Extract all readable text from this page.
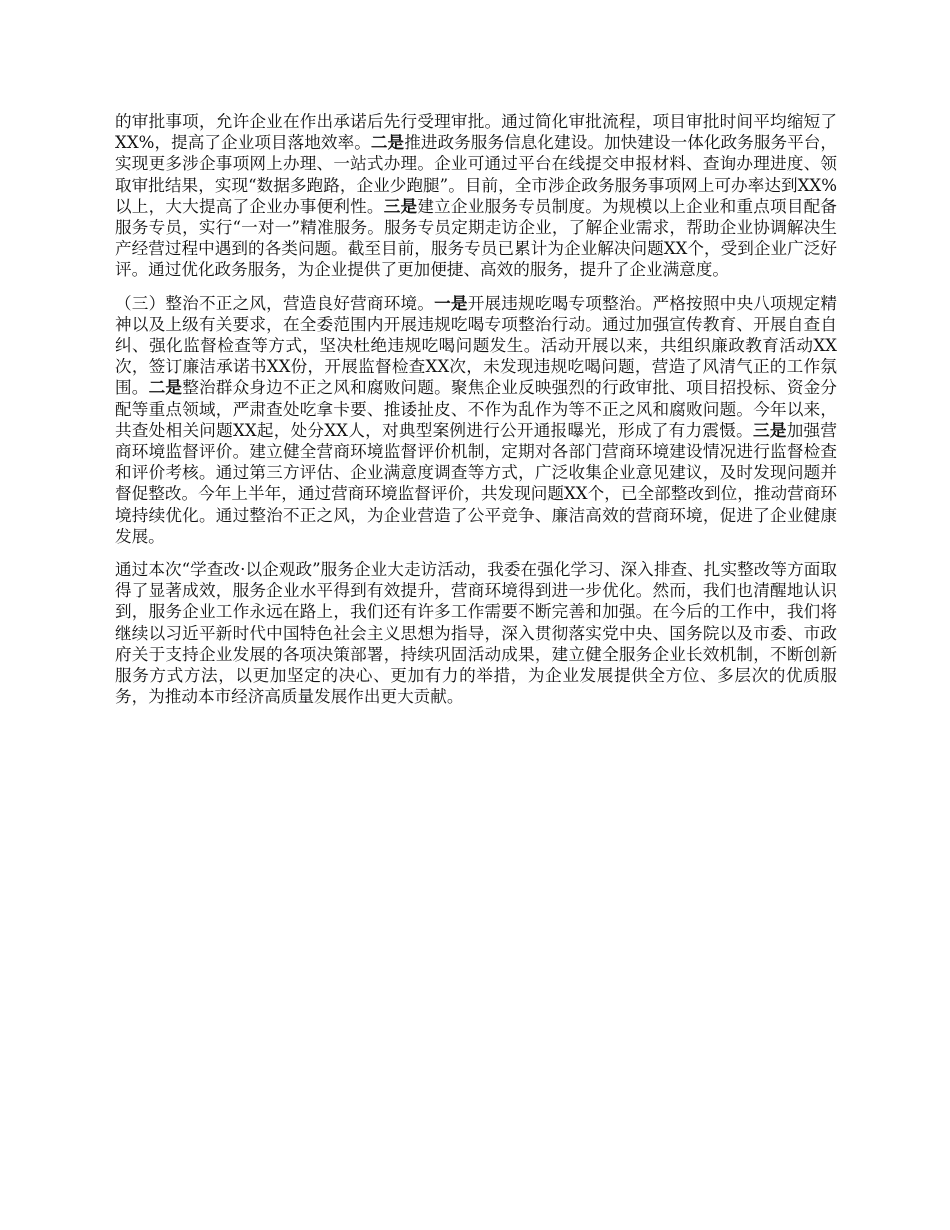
的审批事项，允许企业在作出承诺后先行受理审批。通过简化审批流程，项目审批时间平均缩短了XX%，提高了企业项目落地效率。二是推进政务服务信息化建设。加快建设一体化政务服务平台，实现更多涉企事项网上办理、一站式办理。企业可通过平台在线提交申报材料、查询办理进度、领取审批结果，实现“数据多跑路，企业少跑腿”。目前，全市涉企政务服务事项网上可办率达到XX%以上，大大提高了企业办事便利性。三是建立企业服务专员制度。为规模以上企业和重点项目配备服务专员，实行“一对一”精准服务。服务专员定期走访企业，了解企业需求，帮助企业协调解决生产经营过程中遇到的各类问题。截至目前，服务专员已累计为企业解决问题XX个，受到企业广泛好评。通过优化政务服务，为企业提供了更加便捷、高效的服务，提升了企业满意度。

（三）整治不正之风，营造良好营商环境。一是开展违规吃喝专项整治。严格按照中央八项规定精神以及上级有关要求，在全委范围内开展违规吃喝专项整治行动。通过加强宣传教育、开展自查自纠、强化监督检查等方式，坚决杜绝违规吃喝问题发生。活动开展以来，共组织廉政教育活动XX次，签订廉洁承诺书XX份，开展监督检查XX次，未发现违规吃喝问题，营造了风清气正的工作氛围。二是整治群众身边不正之风和腐败问题。聚焦企业反映强烈的行政审批、项目招投标、资金分配等重点领域，严肃查处吃拿卡要、推诿扯皮、不作为乱作为等不正之风和腐败问题。今年以来，共查处相关问题XX起，处分XX人，对典型案例进行公开通报曝光，形成了有力震慑。三是加强营商环境监督评价。建立健全营商环境监督评价机制，定期对各部门营商环境建设情况进行监督检查和评价考核。通过第三方评估、企业满意度调查等方式，广泛收集企业意见建议，及时发现问题并督促整改。今年上半年，通过营商环境监督评价，共发现问题XX个，已全部整改到位，推动营商环境持续优化。通过整治不正之风，为企业营造了公平竞争、廉洁高效的营商环境，促进了企业健康发展。

通过本次“学查改·以企观政”服务企业大走访活动，我委在强化学习、深入排查、扎实整改等方面取得了显著成效，服务企业水平得到有效提升，营商环境得到进一步优化。然而，我们也清醒地认识到，服务企业工作永远在路上，我们还有许多工作需要不断完善和加强。在今后的工作中，我们将继续以习近平新时代中国特色社会主义思想为指导，深入贯彻落实党中央、国务院以及市委、市政府关于支持企业发展的各项决策部署，持续巩固活动成果，建立健全服务企业长效机制，不断创新服务方式方法，以更加坚定的决心、更加有力的举措，为企业发展提供全方位、多层次的优质服务，为推动本市经济高质量发展作出更大贡献。
